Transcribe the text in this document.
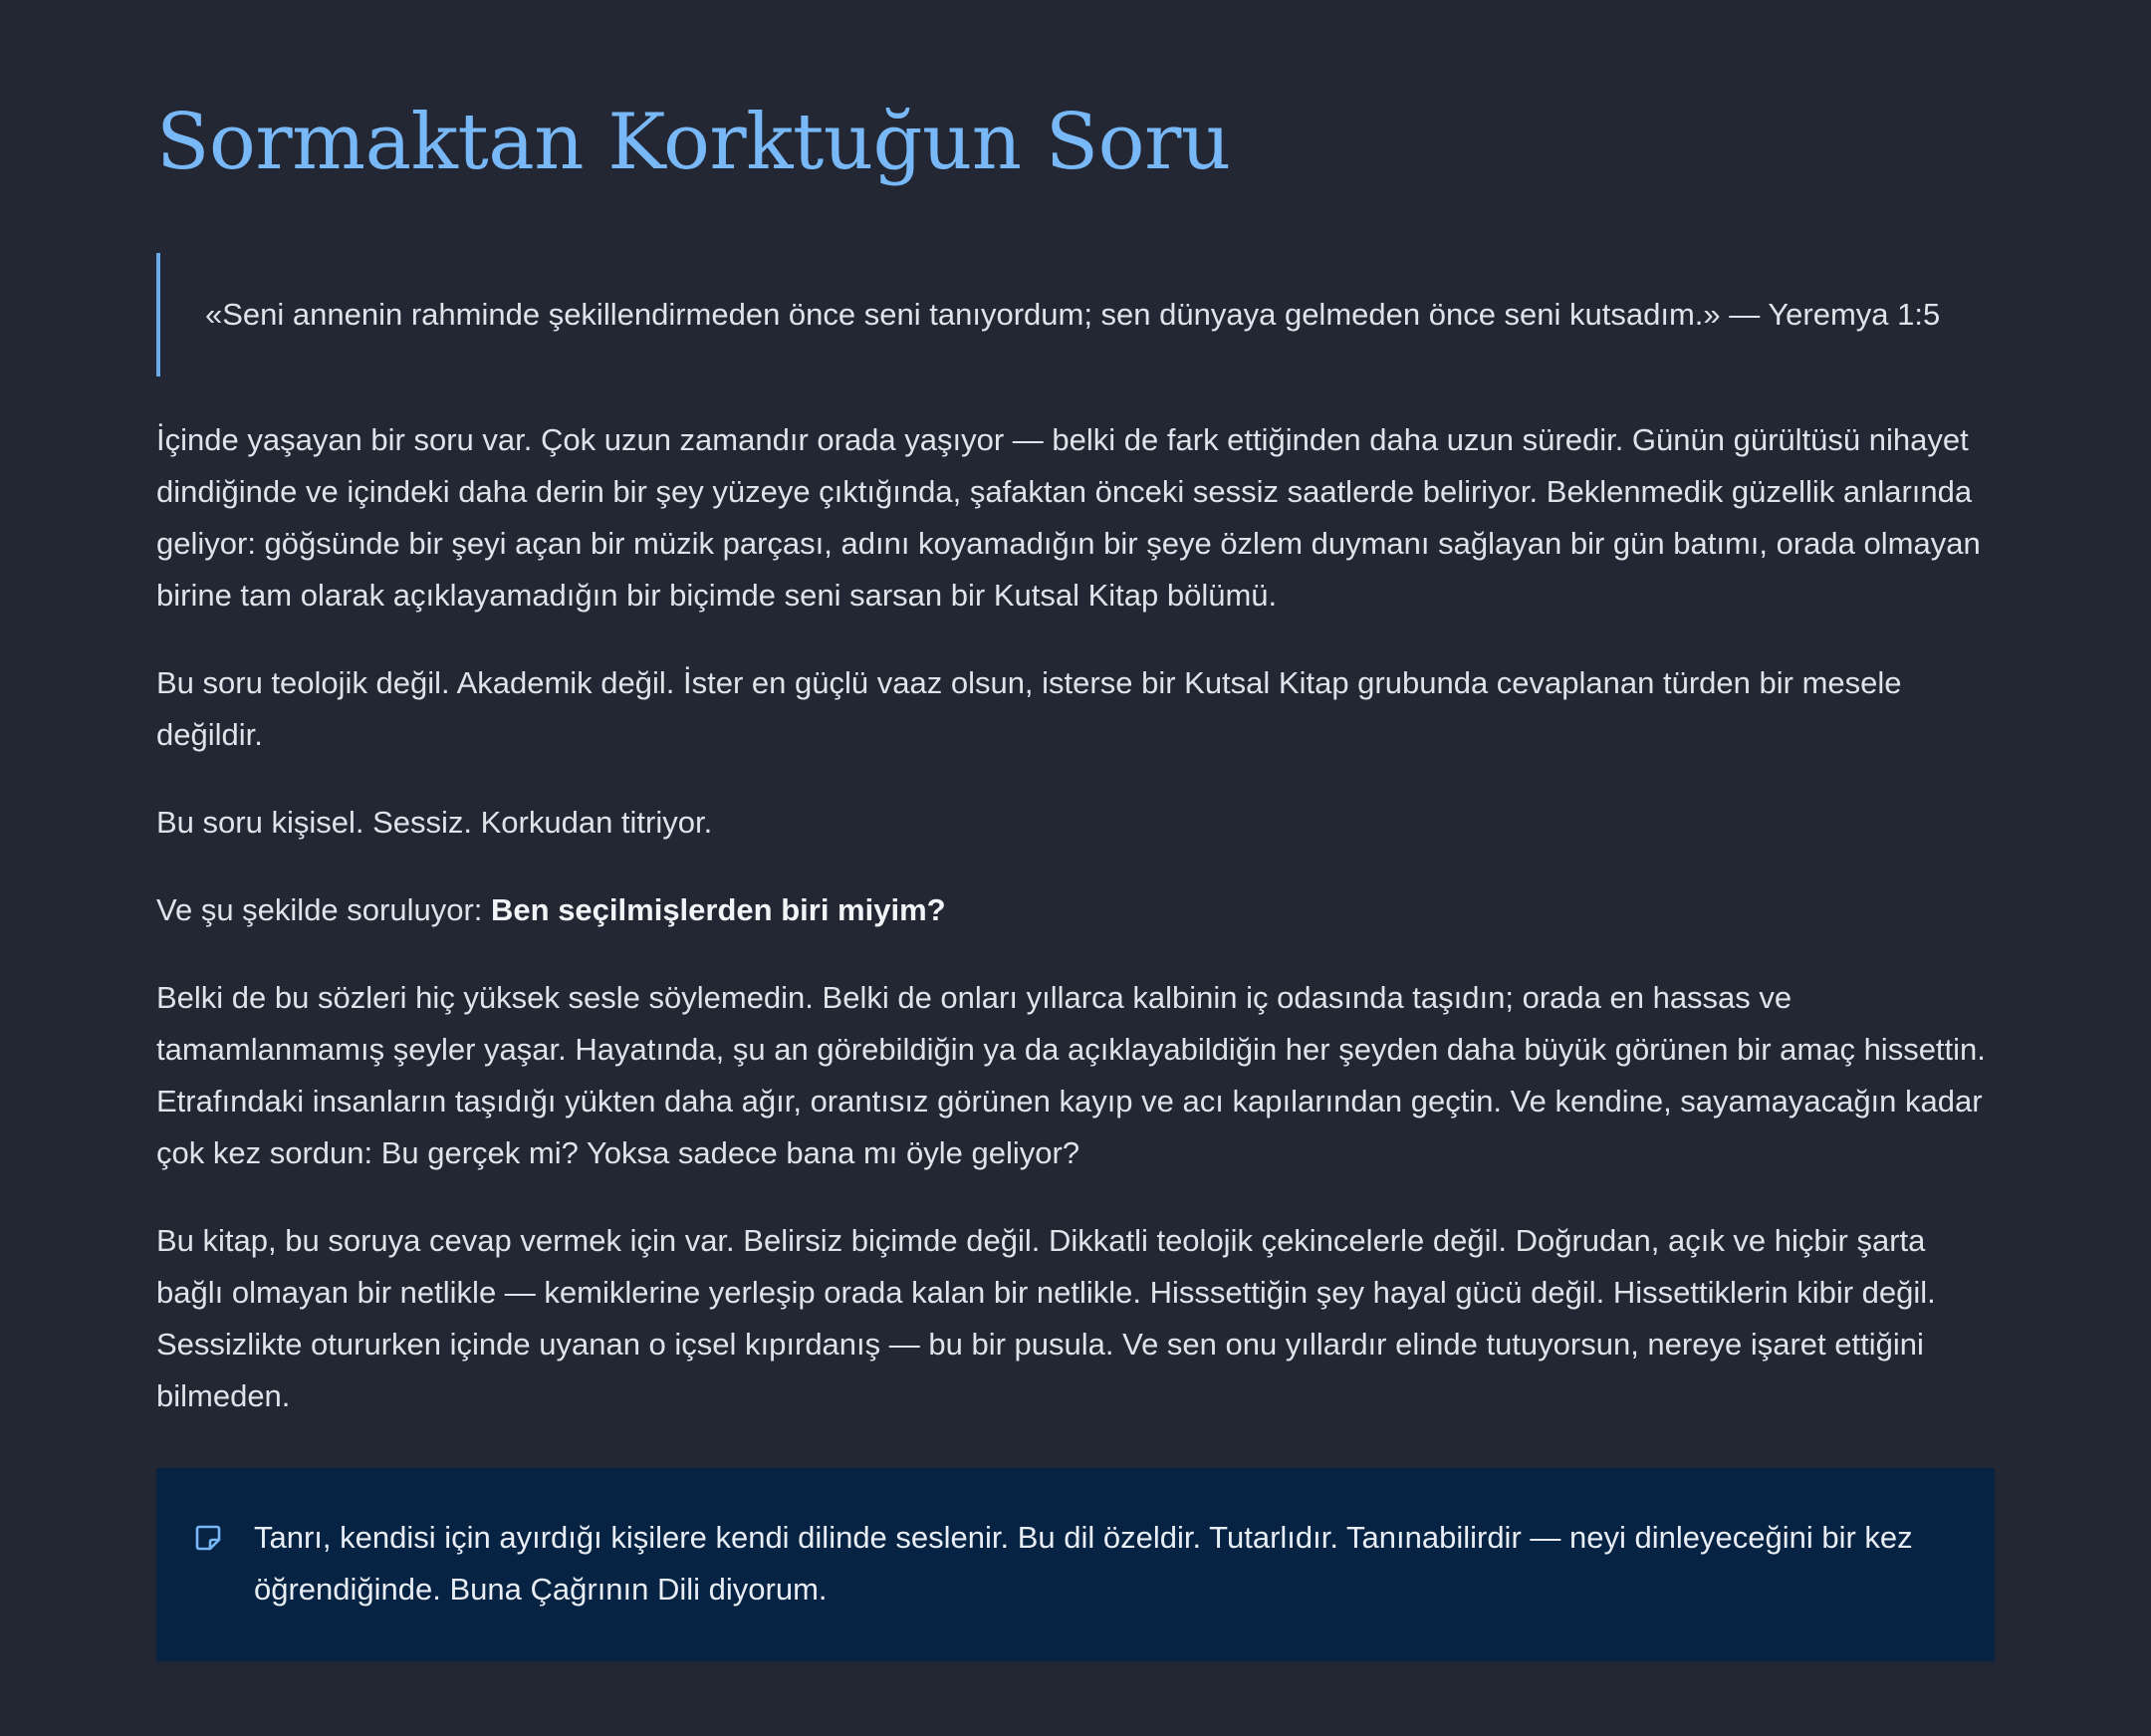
Sormaktan Korktuğun Soru
«Seni annenin rahminde şekillendirmeden önce seni tanıyordum; sen dünyaya gelmeden önce seni kutsadım.» — Yeremya 1:5

İçinde yaşayan bir soru var. Çok uzun zamandır orada yaşıyor — belki de fark ettiğinden daha uzun süredir. Günün gürültüsü nihayet dindiğinde ve içindeki daha derin bir şey yüzeye çıktığında, şafaktan önceki sessiz saatlerde beliriyor. Beklenmedik güzellik anlarında geliyor: göğsünde bir şeyi açan bir müzik parçası, adını koyamadığın bir şeye özlem duymanı sağlayan bir gün batımı, orada olmayan birine tam olarak açıklayamadığın bir biçimde seni sarsan bir Kutsal Kitap bölümü.

Bu soru teolojik değil. Akademik değil. İster en güçlü vaaz olsun, isterse bir Kutsal Kitap grubunda cevaplanan türden bir mesele değildir.

Bu soru kişisel. Sessiz. Korkudan titriyor.

Ve şu şekilde soruluyor: Ben seçilmişlerden biri miyim?

Belki de bu sözleri hiç yüksek sesle söylemedin. Belki de onları yıllarca kalbinin iç odasında taşıdın; orada en hassas ve tamamlanmamış şeyler yaşar. Hayatında, şu an görebildiğin ya da açıklayabildiğin her şeyden daha büyük görünen bir amaç hissettin. Etrafındaki insanların taşıdığı yükten daha ağır, orantısız görünen kayıp ve acı kapılarından geçtin. Ve kendine, sayamayacağın kadar çok kez sordun: Bu gerçek mi? Yoksa sadece bana mı öyle geliyor?

Bu kitap, bu soruya cevap vermek için var. Belirsiz biçimde değil. Dikkatli teolojik çekincelerle değil. Doğrudan, açık ve hiçbir şarta bağlı olmayan bir netlikle — kemiklerine yerleşip orada kalan bir netlikle. Hisssettiğin şey hayal gücü değil. Hissettiklerin kibir değil. Sessizlikte otururken içinde uyanan o içsel kıpırdanış — bu bir pusula. Ve sen onu yıllardır elinde tutuyorsun, nereye işaret ettiğini bilmeden.

Tanrı, kendisi için ayırdığı kişilere kendi dilinde seslenir. Bu dil özeldir. Tutarlıdır. Tanınabilirdir — neyi dinleyeceğini bir kez öğrendiğinde. Buna Çağrının Dili diyorum.
